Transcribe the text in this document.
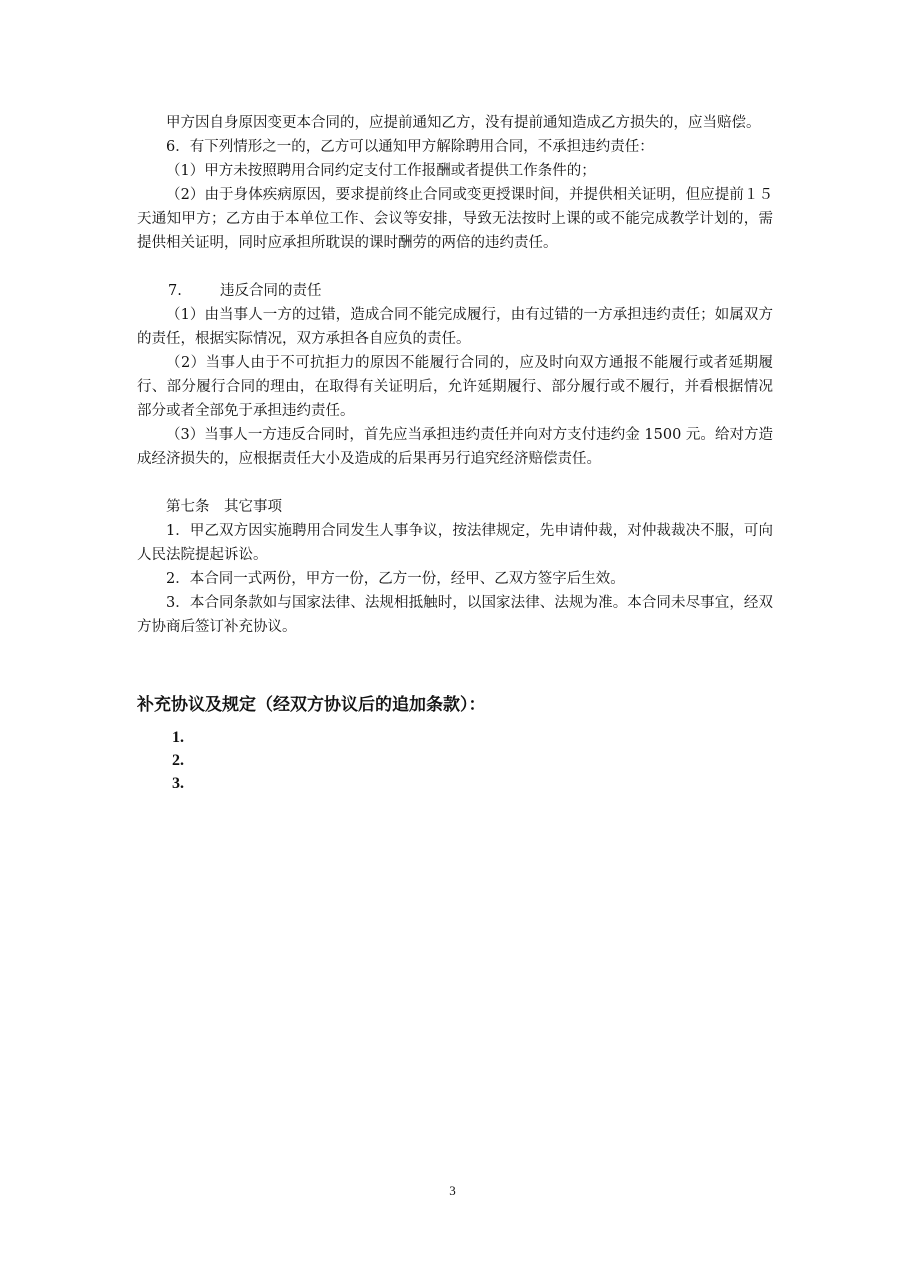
甲方因自身原因变更本合同的，应提前通知乙方，没有提前通知造成乙方损失的，应当赔偿。

6．有下列情形之一的，乙方可以通知甲方解除聘用合同，不承担违约责任：

（1）甲方未按照聘用合同约定支付工作报酬或者提供工作条件的；

（2）由于身体疾病原因，要求提前终止合同或变更授课时间，并提供相关证明，但应提前１５天通知甲方；乙方由于本单位工作、会议等安排，导致无法按时上课的或不能完成教学计划的，需提供相关证明，同时应承担所耽误的课时酬劳的两倍的违约责任。

7.	违反合同的责任

（1）由当事人一方的过错，造成合同不能完成履行，由有过错的一方承担违约责任；如属双方的责任，根据实际情况，双方承担各自应负的责任。

（2）当事人由于不可抗拒力的原因不能履行合同的，应及时向双方通报不能履行或者延期履行、部分履行合同的理由，在取得有关证明后，允许延期履行、部分履行或不履行，并看根据情况部分或者全部免于承担违约责任。

（3）当事人一方违反合同时，首先应当承担违约责任并向对方支付违约金 1500 元。给对方造成经济损失的，应根据责任大小及造成的后果再另行追究经济赔偿责任。

第七条　其它事项

1．甲乙双方因实施聘用合同发生人事争议，按法律规定，先申请仲裁，对仲裁裁决不服，可向人民法院提起诉讼。

2．本合同一式两份，甲方一份，乙方一份，经甲、乙双方签字后生效。

3．本合同条款如与国家法律、法规相抵触时，以国家法律、法规为准。本合同未尽事宜，经双方协商后签订补充协议。

补充协议及规定（经双方协议后的追加条款）：

1.
2.
3.
3
